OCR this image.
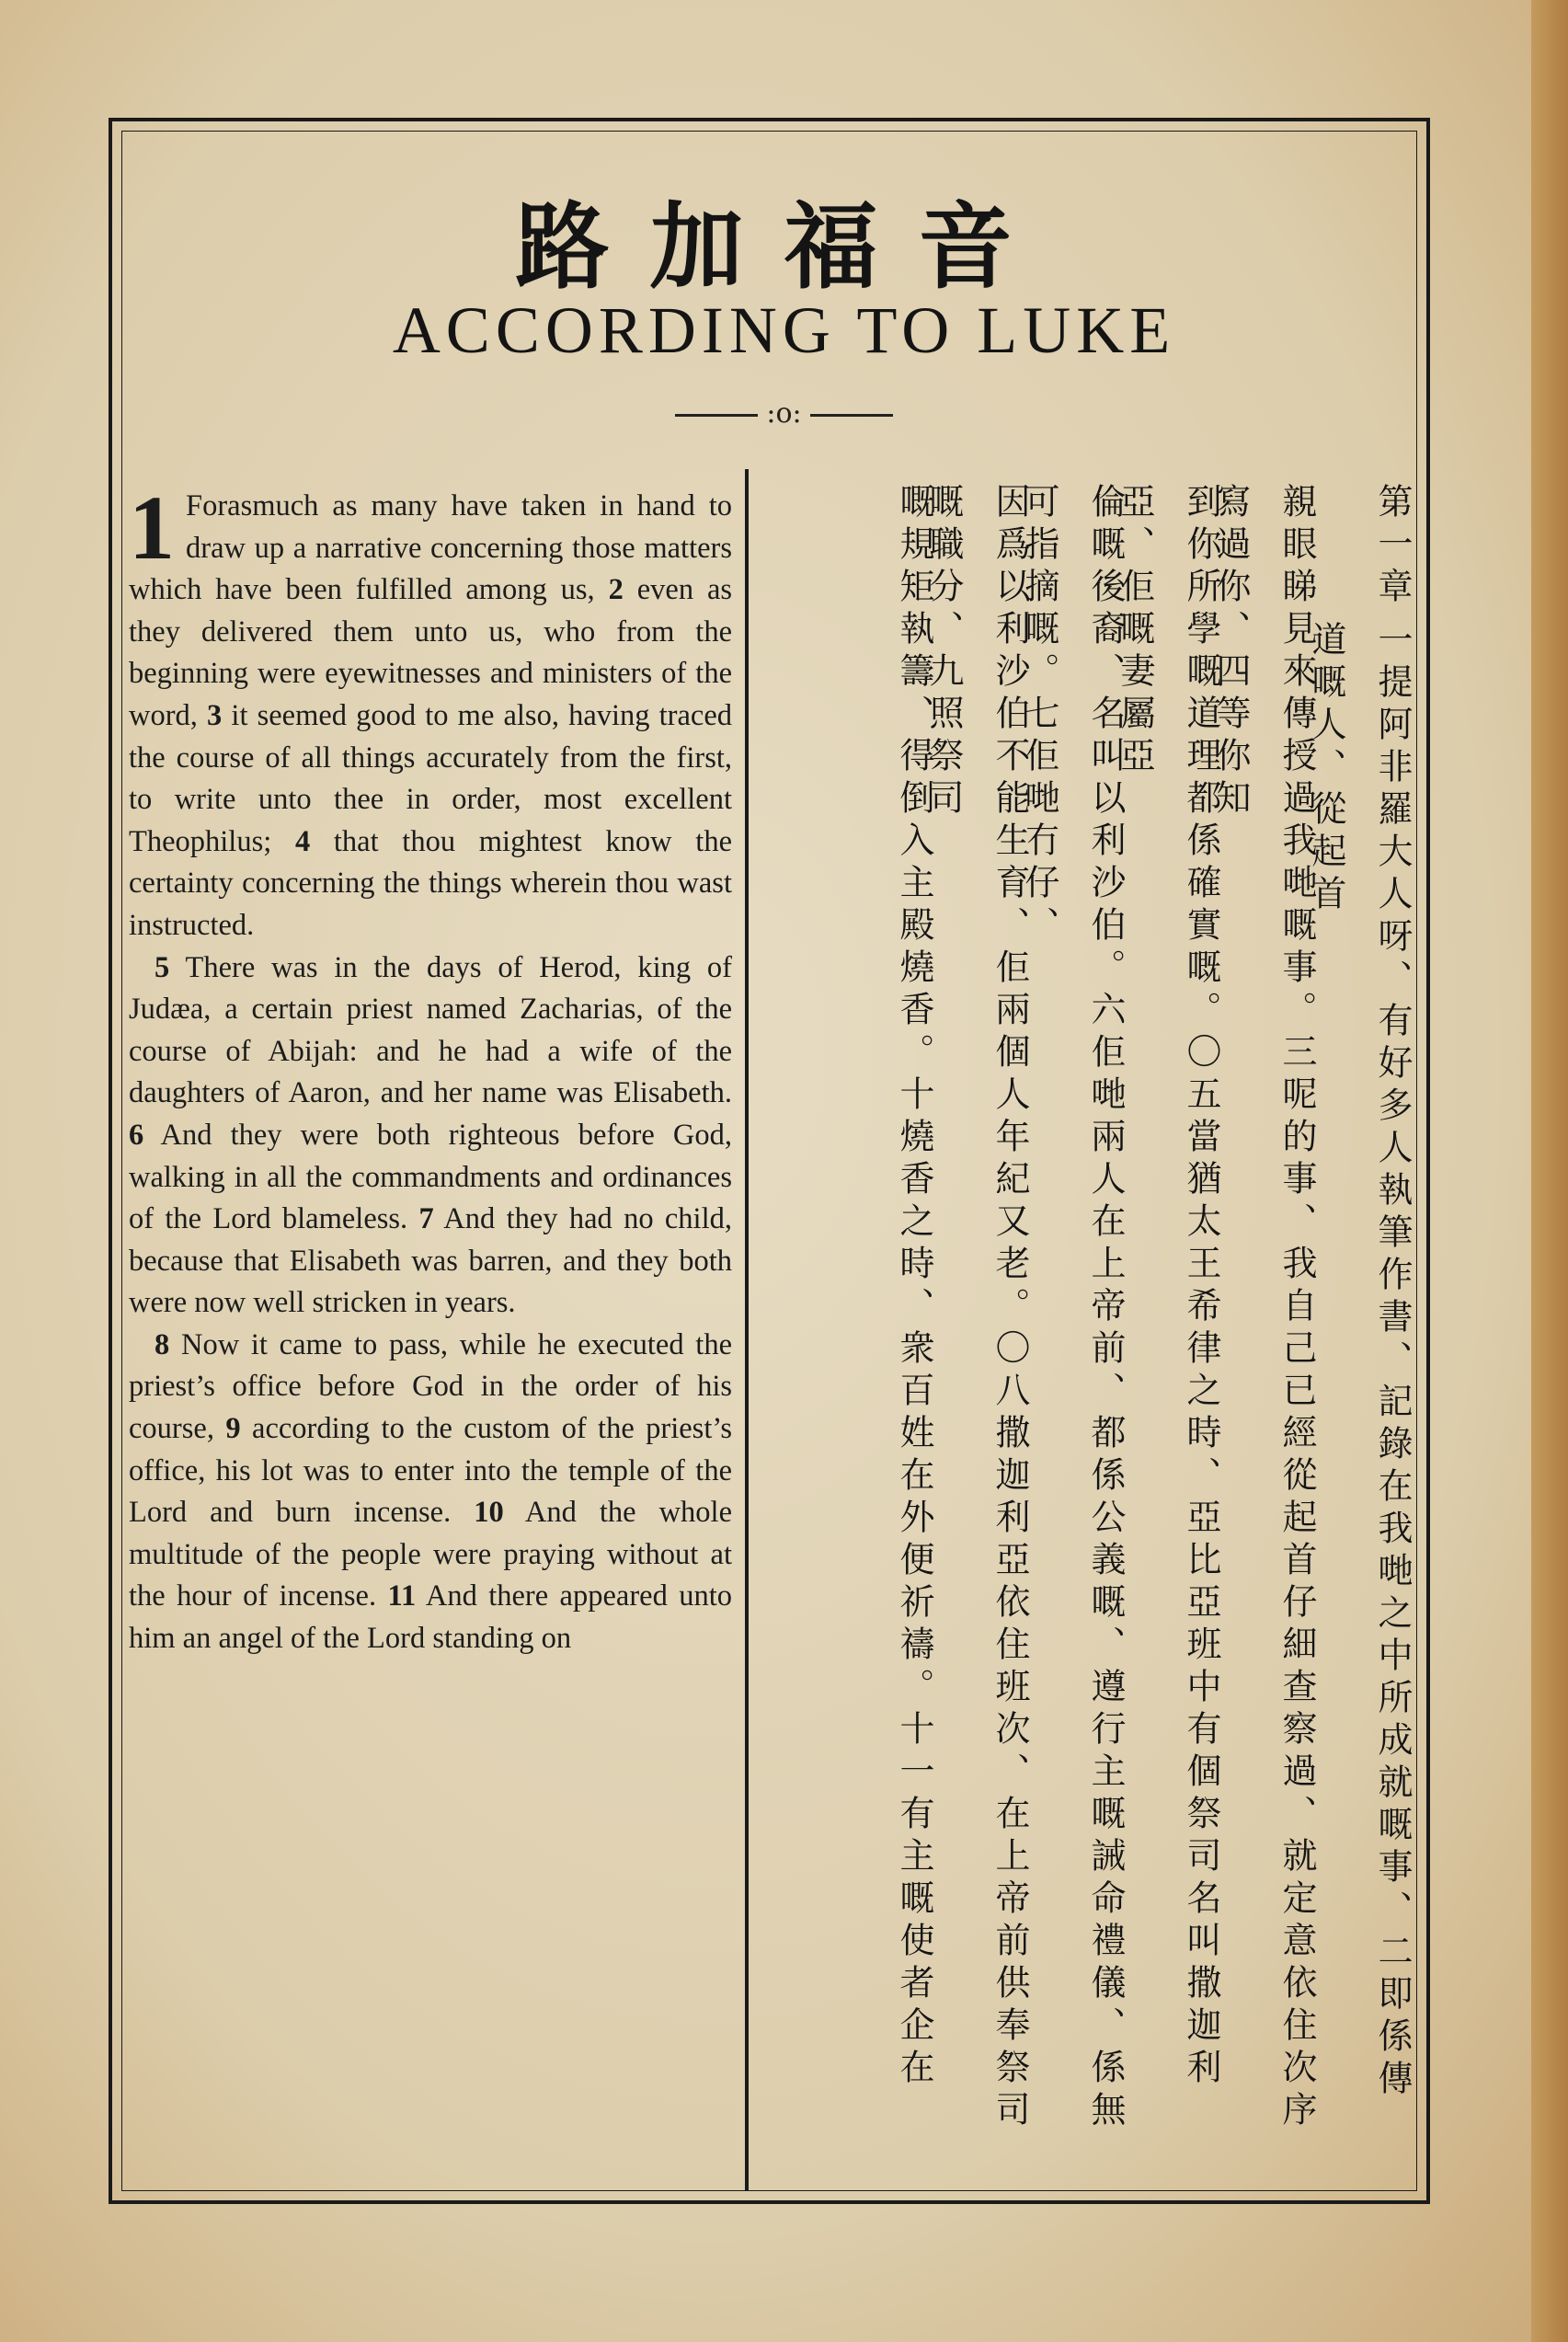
路加福音
ACCORDING TO LUKE
:o:

1 Forasmuch as many have taken in hand to draw up a narrative concerning those matters which have been fulfilled among us, 2 even as they delivered them unto us, who from the beginning were eyewitnesses and ministers of the word, 3 it seemed good to me also, having traced the course of all things accurately from the first, to write unto thee in order, most excellent Theophilus; 4 that thou mightest know the certainty concerning the things wherein thou wast instructed.

5 There was in the days of Herod, king of Judæa, a certain priest named Zacharias, of the course of Abijah: and he had a wife of the daughters of Aaron, and her name was Elisabeth. 6 And they were both righteous before God, walking in all the commandments and ordinances of the Lord blameless. 7 And they had no child, because that Elisabeth was barren, and they both were now well stricken in years.

8 Now it came to pass, while he executed the priest’s office before God in the order of his course, 9 according to the custom of the priest’s office, his lot was to enter into the temple of the Lord and burn incense. 10 And the whole multitude of the people were praying without at the hour of incense. 11 And there appeared unto him an angel of the Lord standing on

第一章
一提阿非羅大人呀、有好多人執筆作書、記錄在我哋之中所成就嘅事、二即係傳道嘅人、從起首
親眼睇見來傳授過我哋嘅事。三呢的事、我自己已經從起首仔細查察過、就定意依住次序寫過你、四等你知
到你所學嘅道理都係確實嘅。〇五當猶太王希律之時、亞比亞班中有個祭司名叫撒迦利亞、佢嘅妻屬亞
倫嘅後裔、名叫以利沙伯。六佢哋兩人在上帝前、都係公義嘅、遵行主嘅誡命禮儀、係無可指摘嘅。七佢哋冇仔、
因爲以利沙伯不能生育、佢兩個人年紀又老。〇八撒迦利亞依住班次、在上帝前供奉祭司嘅職分、九照祭司
嘅規矩執籌、得倒入主殿燒香。十燒香之時、衆百姓在外便祈禱。十一有主嘅使者企在
